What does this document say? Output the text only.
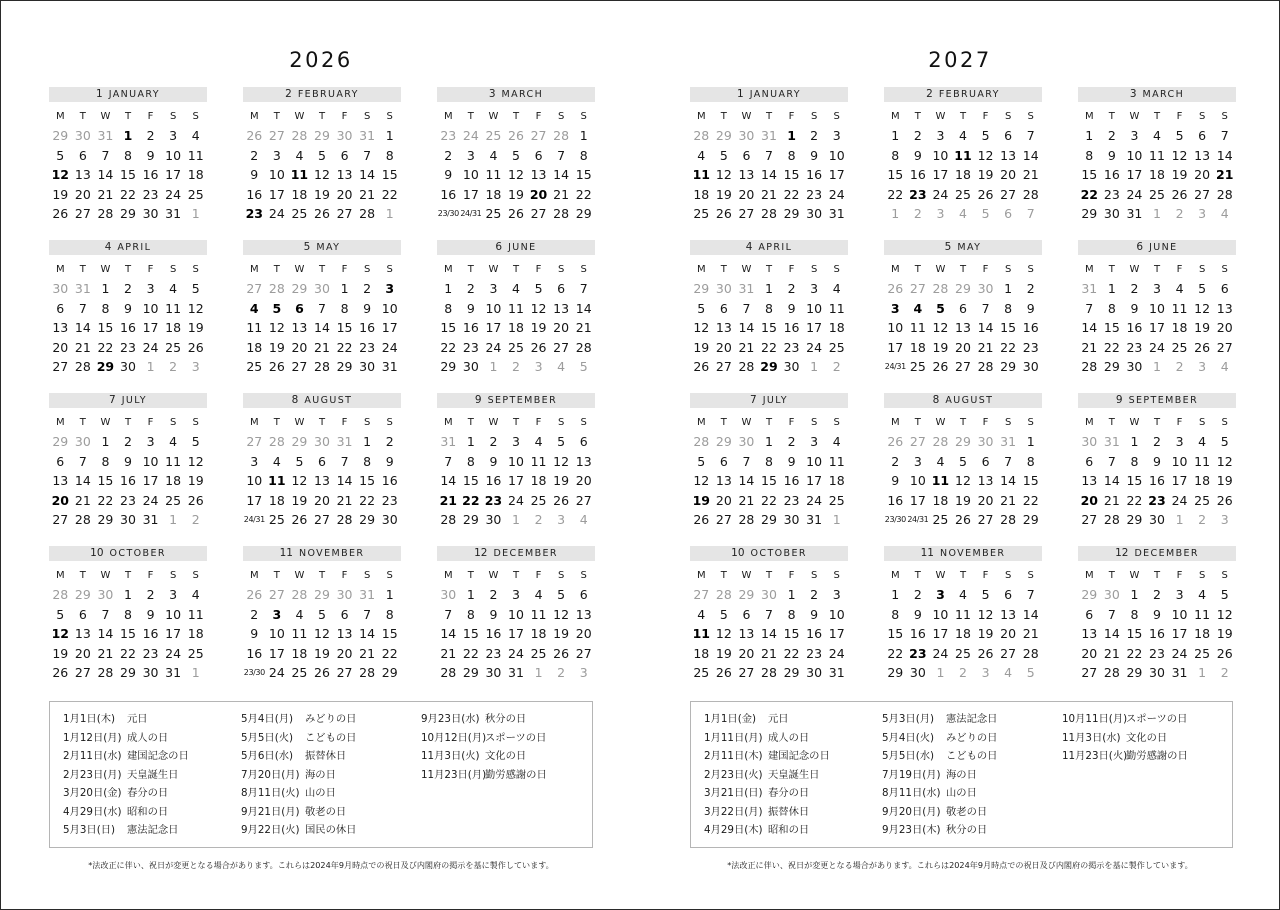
2026
1 JANUARY
M	T	W	T	F	S	S
29 30 31 1	2	3	4
5	6	7	8	9 10 11
12 13 14 15 16 17 18
19 20 21 22 23 24 25
26 27 28 29 30 31 1
2 FEBRUARY
M	T	W	T	F	S	S
26 27 28 29 30 31 1
2	3	4	5	6	7	8
9 10 11 12 13 14 15
16 17 18 19 20 21 22
23 24 25 26 27 28 1
3 MARCH
M	T	W	T	F	S	S
23 24 25 26 27 28 1
2	3	4	5	6	7	8
9 10 11 12 13 14 15
16 17 18 19 20 21 22
23/30 24/31 25 26 27 28 29
4 APRIL
M	T	W	T	F	S	S
30 31 1	2	3	4	5
6	7	8	9 10 11 12
13 14 15 16 17 18 19
20 21 22 23 24 25 26
27 28 29 30 1	2	3
5 MAY
M	T	W	T	F	S	S
27 28 29 30 1	2	3
4	5	6	7	8	9 10
11 12 13 14 15 16 17
18 19 20 21 22 23 24
25 26 27 28 29 30 31
6 JUNE
M	T	W	T	F	S	S
1	2	3	4	5	6	7
8	9 10 11 12 13 14
15 16 17 18 19 20 21
22 23 24 25 26 27 28
29 30 1	2	3	4	5
7 JULY
M	T	W	T	F	S	S
29 30 1	2	3	4	5
6	7	8	9 10 11 12
13 14 15 16 17 18 19
20 21 22 23 24 25 26
27 28 29 30 31 1	2
8 AUGUST
M	T	W	T	F	S	S
27 28 29 30 31 1	2
3	4	5	6	7	8	9
10 11 12 13 14 15 16
17 18 19 20 21 22 23
24/31 25 26 27 28 29 30
9 SEPTEMBER
M	T	W	T	F	S	S
31 1	2	3	4	5	6
7	8	9 10 11 12 13
14 15 16 17 18 19 20
21 22 23 24 25 26 27
28 29 30 1	2	3	4
10 OCTOBER
M	T	W	T	F	S	S
28 29 30 1	2	3	4
5	6	7	8	9 10 11
12 13 14 15 16 17 18
19 20 21 22 23 24 25
26 27 28 29 30 31 1
11 NOVEMBER
M	T	W	T	F	S	S
26 27 28 29 30 31 1
2	3	4	5	6	7	8
9 10 11 12 13 14 15
16 17 18 19 20 21 22
23/30 24 25 26 27 28 29
12 DECEMBER
M	T	W	T	F	S	S
30 1	2	3	4	5	6
7	8	9 10 11 12 13
14 15 16 17 18 19 20
21 22 23 24 25 26 27
28 29 30 31 1	2	3
1月1日(木) 元日
1月12日(月) 成人の日
2月11日(水) 建国記念の日
2月23日(月) 天皇誕生日
3月20日(金) 春分の日
4月29日(水) 昭和の日
5月3日(日) 憲法記念日
5月4日(月) みどりの日
5月5日(火) こどもの日
5月6日(水) 振替休日
7月20日(月) 海の日
8月11日(火) 山の日
9月21日(月) 敬老の日
9月22日(火) 国民の休日
9月23日(水) 秋分の日
10月12日(月)スポーツの日
11月3日(火) 文化の日
11月23日(月)勤労感謝の日

*法改正に伴い、祝日が変更となる場合があります。これらは2024年9月時点での祝日及び内閣府の掲示を基に製作しています。

2027
1 JANUARY
M	T	W	T	F	S	S
28 29 30 31 1	2	3
4	5	6	7	8	9 10
11 12 13 14 15 16 17
18 19 20 21 22 23 24
25 26 27 28 29 30 31
2 FEBRUARY
M	T	W	T	F	S	S
1	2	3	4	5	6	7
8	9 10 11 12 13 14
15 16 17 18 19 20 21
22 23 24 25 26 27 28
1	2	3	4	5	6	7
3 MARCH
M	T	W	T	F	S	S
1	2	3	4	5	6	7
8	9 10 11 12 13 14
15 16 17 18 19 20 21
22 23 24 25 26 27 28
29 30 31 1	2	3	4
4 APRIL
M	T	W	T	F	S	S
29 30 31 1	2	3	4
5	6	7	8	9 10 11
12 13 14 15 16 17 18
19 20 21 22 23 24 25
26 27 28 29 30 1	2
5 MAY
M	T	W	T	F	S	S
26 27 28 29 30 1	2
3	4	5	6	7	8	9
10 11 12 13 14 15 16
17 18 19 20 21 22 23
24/31 25 26 27 28 29 30
6 JUNE
M	T	W	T	F	S	S
31 1	2	3	4	5	6
7	8	9 10 11 12 13
14 15 16 17 18 19 20
21 22 23 24 25 26 27
28 29 30 1	2	3	4
7 JULY
M	T	W	T	F	S	S
28 29 30 1	2	3	4
5	6	7	8	9 10 11
12 13 14 15 16 17 18
19 20 21 22 23 24 25
26 27 28 29 30 31 1
8 AUGUST
M	T	W	T	F	S	S
26 27 28 29 30 31 1
2	3	4	5	6	7	8
9 10 11 12 13 14 15
16 17 18 19 20 21 22
23/30 24/31 25 26 27 28 29
9 SEPTEMBER
M	T	W	T	F	S	S
30 31 1	2	3	4	5
6	7	8	9 10 11 12
13 14 15 16 17 18 19
20 21 22 23 24 25 26
27 28 29 30 1	2	3
10 OCTOBER
M	T	W	T	F	S	S
27 28 29 30 1	2	3
4	5	6	7	8	9 10
11 12 13 14 15 16 17
18 19 20 21 22 23 24
25 26 27 28 29 30 31
11 NOVEMBER
M	T	W	T	F	S	S
1	2	3	4	5	6	7
8	9 10 11 12 13 14
15 16 17 18 19 20 21
22 23 24 25 26 27 28
29 30 1	2	3	4	5
12 DECEMBER
M	T	W	T	F	S	S
29 30 1	2	3	4	5
6	7	8	9 10 11 12
13 14 15 16 17 18 19
20 21 22 23 24 25 26
27 28 29 30 31 1	2
1月1日(金) 元日
1月11日(月) 成人の日
2月11日(木) 建国記念の日
2月23日(火) 天皇誕生日
3月21日(日) 春分の日
3月22日(月) 振替休日
4月29日(木) 昭和の日
5月3日(月) 憲法記念日
5月4日(火) みどりの日
5月5日(水) こどもの日
7月19日(月) 海の日
8月11日(水) 山の日
9月20日(月) 敬老の日
9月23日(木) 秋分の日
10月11日(月)スポーツの日
11月3日(水) 文化の日
11月23日(火)勤労感謝の日

*法改正に伴い、祝日が変更となる場合があります。これらは2024年9月時点での祝日及び内閣府の掲示を基に製作しています。
